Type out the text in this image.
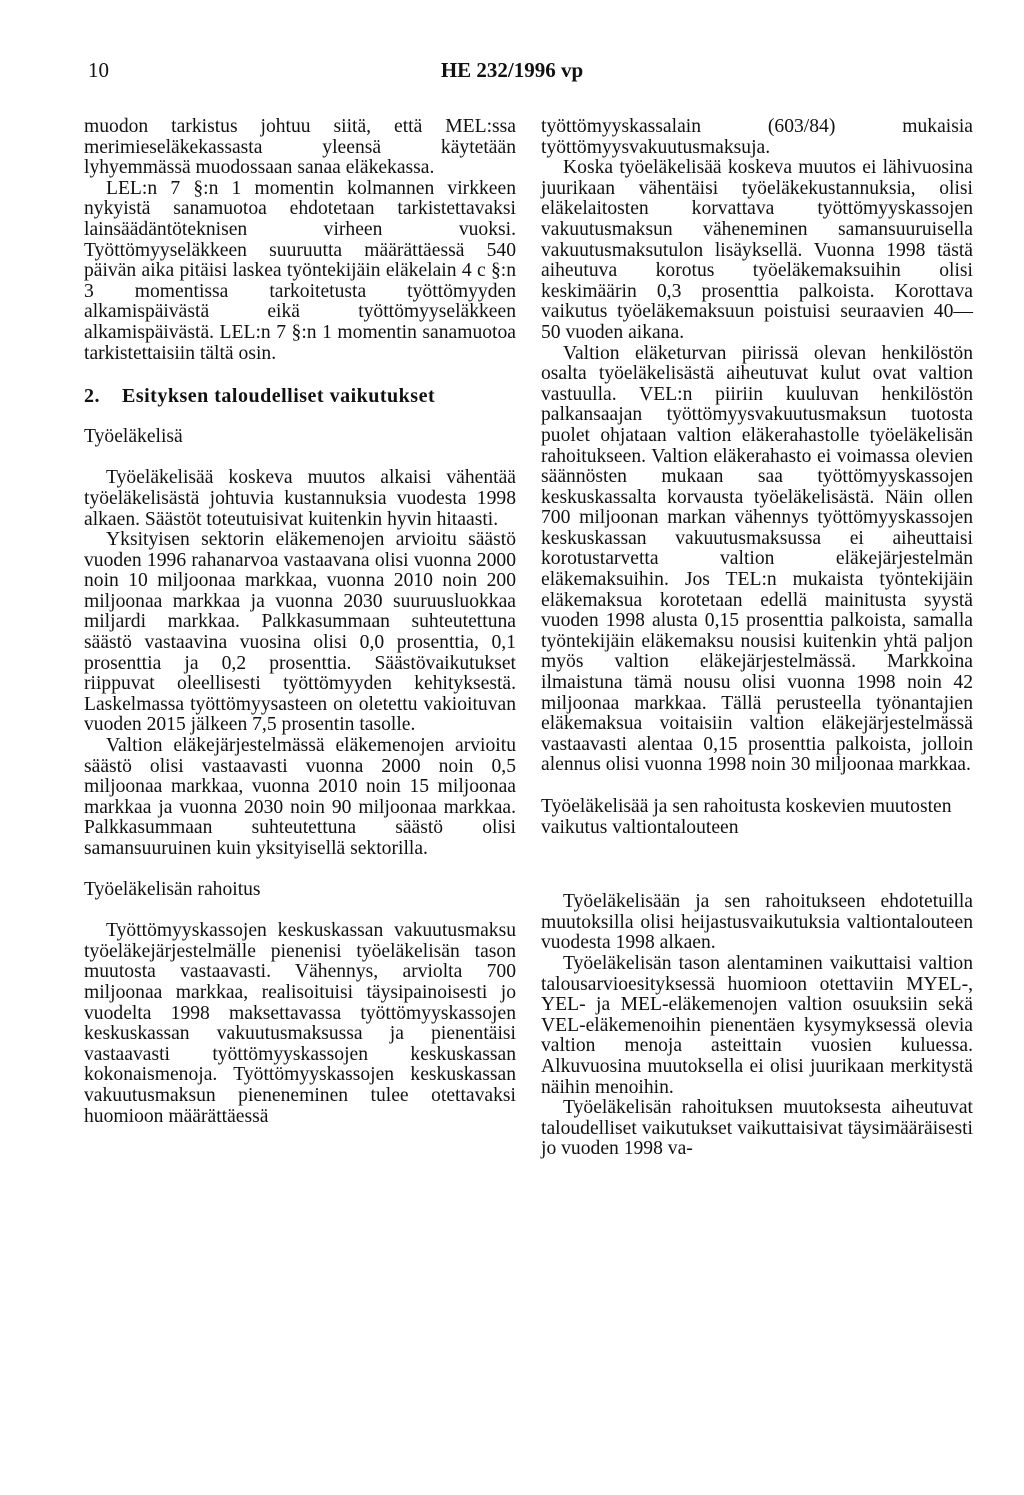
10	HE 232/1996 vp

muodon tarkistus johtuu siitä, että MEL:ssa merimieseläkekassasta yleensä käytetään lyhyemmässä muodossaan sanaa eläkekassa.

LEL:n 7 §:n 1 momentin kolmannen virkkeen nykyistä sanamuotoa ehdotetaan tarkistettavaksi lainsäädäntöteknisen virheen vuoksi. Työttömyyseläkkeen suuruutta määrättäessä 540 päivän aika pitäisi laskea työntekijäin eläkelain 4 c §:n 3 momentissa tarkoitetusta työttömyyden alkamispäivästä eikä työttömyyseläkkeen alkamispäivästä. LEL:n 7 §:n 1 momentin sanamuotoa tarkistettaisiin tältä osin.

2. Esityksen taloudelliset vaikutukset
Työeläkelisä

Työeläkelisää koskeva muutos alkaisi vähentää työeläkelisästä johtuvia kustannuksia vuodesta 1998 alkaen. Säästöt toteutuisivat kuitenkin hyvin hitaasti.

Yksityisen sektorin eläkemenojen arvioitu säästö vuoden 1996 rahanarvoa vastaavana olisi vuonna 2000 noin 10 miljoonaa markkaa, vuonna 2010 noin 200 miljoonaa markkaa ja vuonna 2030 suuruusluokkaa miljardi markkaa. Palkkasummaan suhteutettuna säästö vastaavina vuosina olisi 0,0 prosenttia, 0,1 prosenttia ja 0,2 prosenttia. Säästövaikutukset riippuvat oleellisesti työttömyyden kehityksestä. Laskelmassa työttömyysasteen on oletettu vakioituvan vuoden 2015 jälkeen 7,5 prosentin tasolle.

Valtion eläkejärjestelmässä eläkemenojen arvioitu säästö olisi vastaavasti vuonna 2000 noin 0,5 miljoonaa markkaa, vuonna 2010 noin 15 miljoonaa markkaa ja vuonna 2030 noin 90 miljoonaa markkaa. Palkkasummaan suhteutettuna säästö olisi samansuuruinen kuin yksityisellä sektorilla.

Työeläkelisän rahoitus

Työttömyyskassojen keskuskassan vakuutusmaksu työeläkejärjestelmälle pienenisi työeläkelisän tason muutosta vastaavasti. Vähennys, arviolta 700 miljoonaa markkaa, realisoituisi täysipainoisesti jo vuodelta 1998 maksettavassa työttömyyskassojen keskuskassan vakuutusmaksussa ja pienentäisi vastaavasti työttömyyskassojen keskuskassan kokonaismenoja. Työttömyyskassojen keskuskassan vakuutusmaksun pieneneminen tulee otettavaksi huomioon määrättäessä

työttömyyskassalain (603/84) mukaisia työttömyysvakuutusmaksuja.

Koska työeläkelisää koskeva muutos ei lähivuosina juurikaan vähentäisi työeläkekustannuksia, olisi eläkelaitosten korvattava työttömyyskassojen vakuutusmaksun väheneminen samansuuruisella vakuutusmaksutulon lisäyksellä. Vuonna 1998 tästä aiheutuva korotus työeläkemaksuihin olisi keskimäärin 0,3 prosenttia palkoista. Korottava vaikutus työeläkemaksuun poistuisi seuraavien 40—50 vuoden aikana.

Valtion eläketurvan piirissä olevan henkilöstön osalta työeläkelisästä aiheutuvat kulut ovat valtion vastuulla. VEL:n piiriin kuuluvan henkilöstön palkansaajan työttömyysvakuutusmaksun tuotosta puolet ohjataan valtion eläkerahastolle työeläkelisän rahoitukseen. Valtion eläkerahasto ei voimassa olevien säännösten mukaan saa työttömyyskassojen keskuskassalta korvausta työeläkelisästä. Näin ollen 700 miljoonan markan vähennys työttömyyskassojen keskuskassan vakuutusmaksussa ei aiheuttaisi korotustarvetta valtion eläkejärjestelmän eläkemaksuihin. Jos TEL:n mukaista työntekijäin eläkemaksua korotetaan edellä mainitusta syystä vuoden 1998 alusta 0,15 prosenttia palkoista, samalla työntekijäin eläkemaksu nousisi kuitenkin yhtä paljon myös valtion eläkejärjestelmässä. Markkoina ilmaistuna tämä nousu olisi vuonna 1998 noin 42 miljoonaa markkaa. Tällä perusteella työnantajien eläkemaksua voitaisiin valtion eläkejärjestelmässä vastaavasti alentaa 0,15 prosenttia palkoista, jolloin alennus olisi vuonna 1998 noin 30 miljoonaa markkaa.

Työeläkelisää ja sen rahoitusta koskevien muutosten vaikutus valtiontalouteen

Työeläkelisään ja sen rahoitukseen ehdotetuilla muutoksilla olisi heijastusvaikutuksia valtiontalouteen vuodesta 1998 alkaen.

Työeläkelisän tason alentaminen vaikuttaisi valtion talousarvioesityksessä huomioon otettaviin MYEL-, YEL- ja MEL-eläkemenojen valtion osuuksiin sekä VEL-eläkemenoihin pienentäen kysymyksessä olevia valtion menoja asteittain vuosien kuluessa. Alkuvuosina muutoksella ei olisi juurikaan merkitystä näihin menoihin.

Työeläkelisän rahoituksen muutoksesta aiheutuvat taloudelliset vaikutukset vaikuttaisivat täysimääräisesti jo vuoden 1998 va-
